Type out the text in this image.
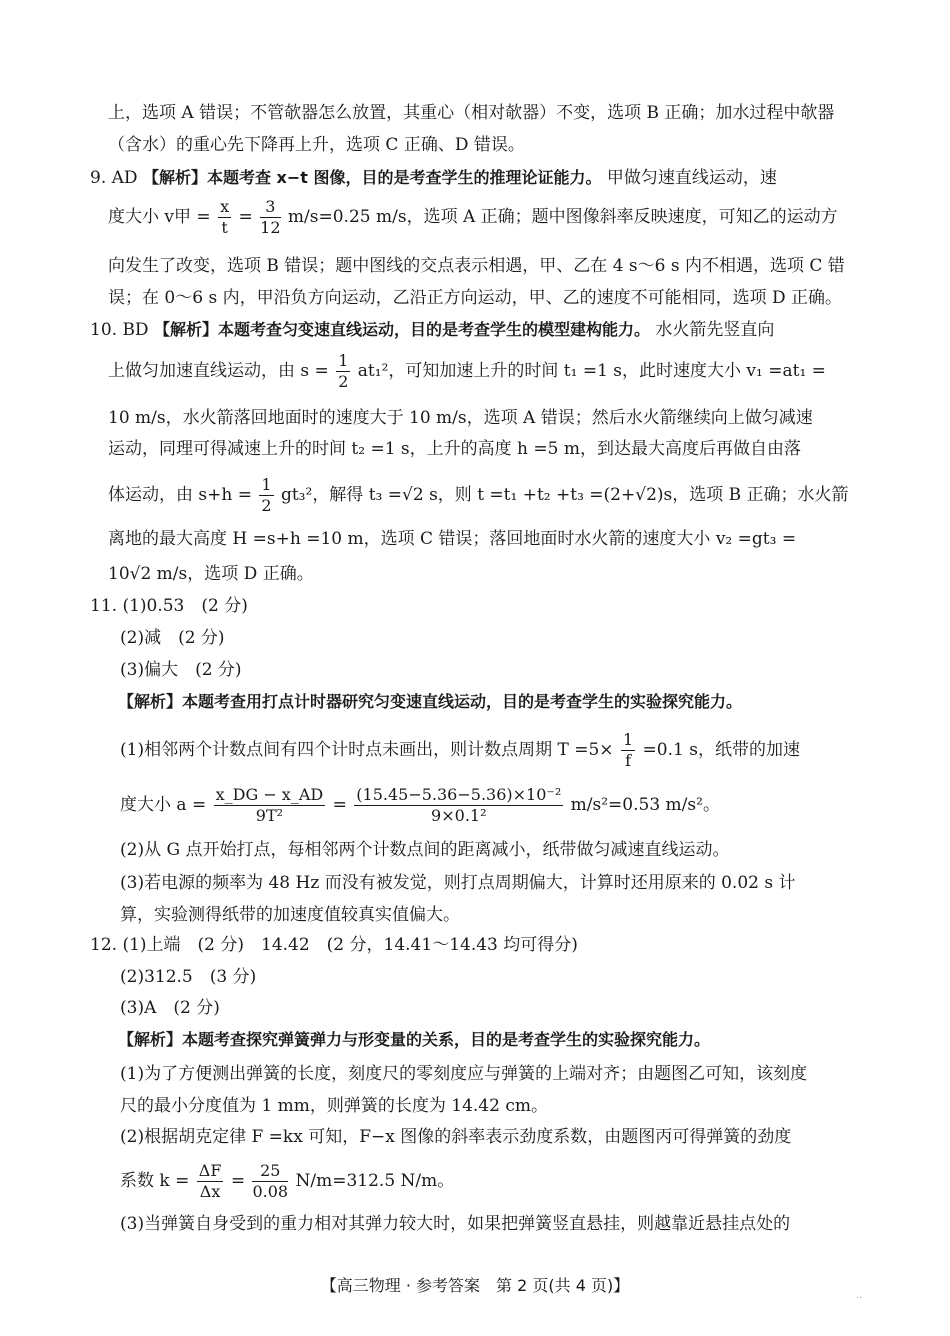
上，选项 A 错误；不管欹器怎么放置，其重心（相对欹器）不变，选项 B 正确；加水过程中欹器
（含水）的重心先下降再上升，选项 C 正确、D 错误。
9. AD 【解析】本题考查 x−t 图像，目的是考查学生的推理论证能力。 甲做匀速直线运动，速
度大小 v甲 = $\frac{x}{t} = \frac{3}{12} m/s=0.25$ m/s，选项 A 正确；题中图像斜率反映速度，可知乙的运动方
向发生了改变，选项 B 错误；题中图线的交点表示相遇，甲、乙在 4 s～6 s 内不相遇，选项 C 错
误；在 0～6 s 内，甲沿负方向运动，乙沿正方向运动，甲、乙的速度不可能相同，选项 D 正确。
10. BD 【解析】本题考查匀变速直线运动，目的是考查学生的模型建构能力。 水火箭先竖直向
上做匀加速直线运动，由 $s = \frac{1}{2} at_1^2$，可知加速上升的时间 t₁ =1 s，此时速度大小 v₁ =at₁ =
10 m/s，水火箭落回地面时的速度大于 10 m/s，选项 A 错误；然后水火箭继续向上做匀减速
运动，同理可得减速上升的时间 t₂ =1 s，上升的高度 h =5 m，到达最大高度后再做自由落
体运动，由 $s+h = \frac{1}{2} gt_3^2$，解得 t₃ =√2 s，则 t =t₁ +t₂ +t₃ =(2+√2)s，选项 B 正确；水火箭
离地的最大高度 H =s+h =10 m，选项 C 错误；落回地面时水火箭的速度大小 v₂ =gt₃ =
10√2 m/s，选项 D 正确。
11. (1)0.53　(2 分)
(2)减　(2 分)
(3)偏大　(2 分)
【解析】本题考查用打点计时器研究匀变速直线运动，目的是考查学生的实验探究能力。
(1)相邻两个计数点间有四个计时点未画出，则计数点周期 $T =5\times \frac{1}{f} =0.1$ s，纸带的加速
度大小 $a = \frac{x\_DG - x\_AD}{\text{9T²}} = \frac{\text{(15.45−5.36−5.36)×10⁻²}}{\text{9×0.1²}} m/s^2=0.53$ m/s²。
(2)从 G 点开始打点，每相邻两个计数点间的距离减小，纸带做匀减速直线运动。
(3)若电源的频率为 48 Hz 而没有被发觉，则打点周期偏大，计算时还用原来的 0.02 s 计
算，实验测得纸带的加速度值较真实值偏大。
12. (1)上端　(2 分)　14.42　(2 分，14.41～14.43 均可得分)
(2)312.5　(3 分)
(3)A　(2 分)
【解析】本题考查探究弹簧弹力与形变量的关系，目的是考查学生的实验探究能力。
(1)为了方便测出弹簧的长度，刻度尺的零刻度应与弹簧的上端对齐；由题图乙可知，该刻度
尺的最小分度值为 1 mm，则弹簧的长度为 14.42 cm。
(2)根据胡克定律 F =kx 可知，F−x 图像的斜率表示劲度系数，由题图丙可得弹簧的劲度
系数 $k = \frac{\Delta F}{\Delta x} = \frac{25}{0.08} N/m=312.5$ N/m。
(3)当弹簧自身受到的重力相对其弹力较大时，如果把弹簧竖直悬挂，则越靠近悬挂点处的
【高三物理 · 参考答案　第 2 页(共 4 页)】
..
